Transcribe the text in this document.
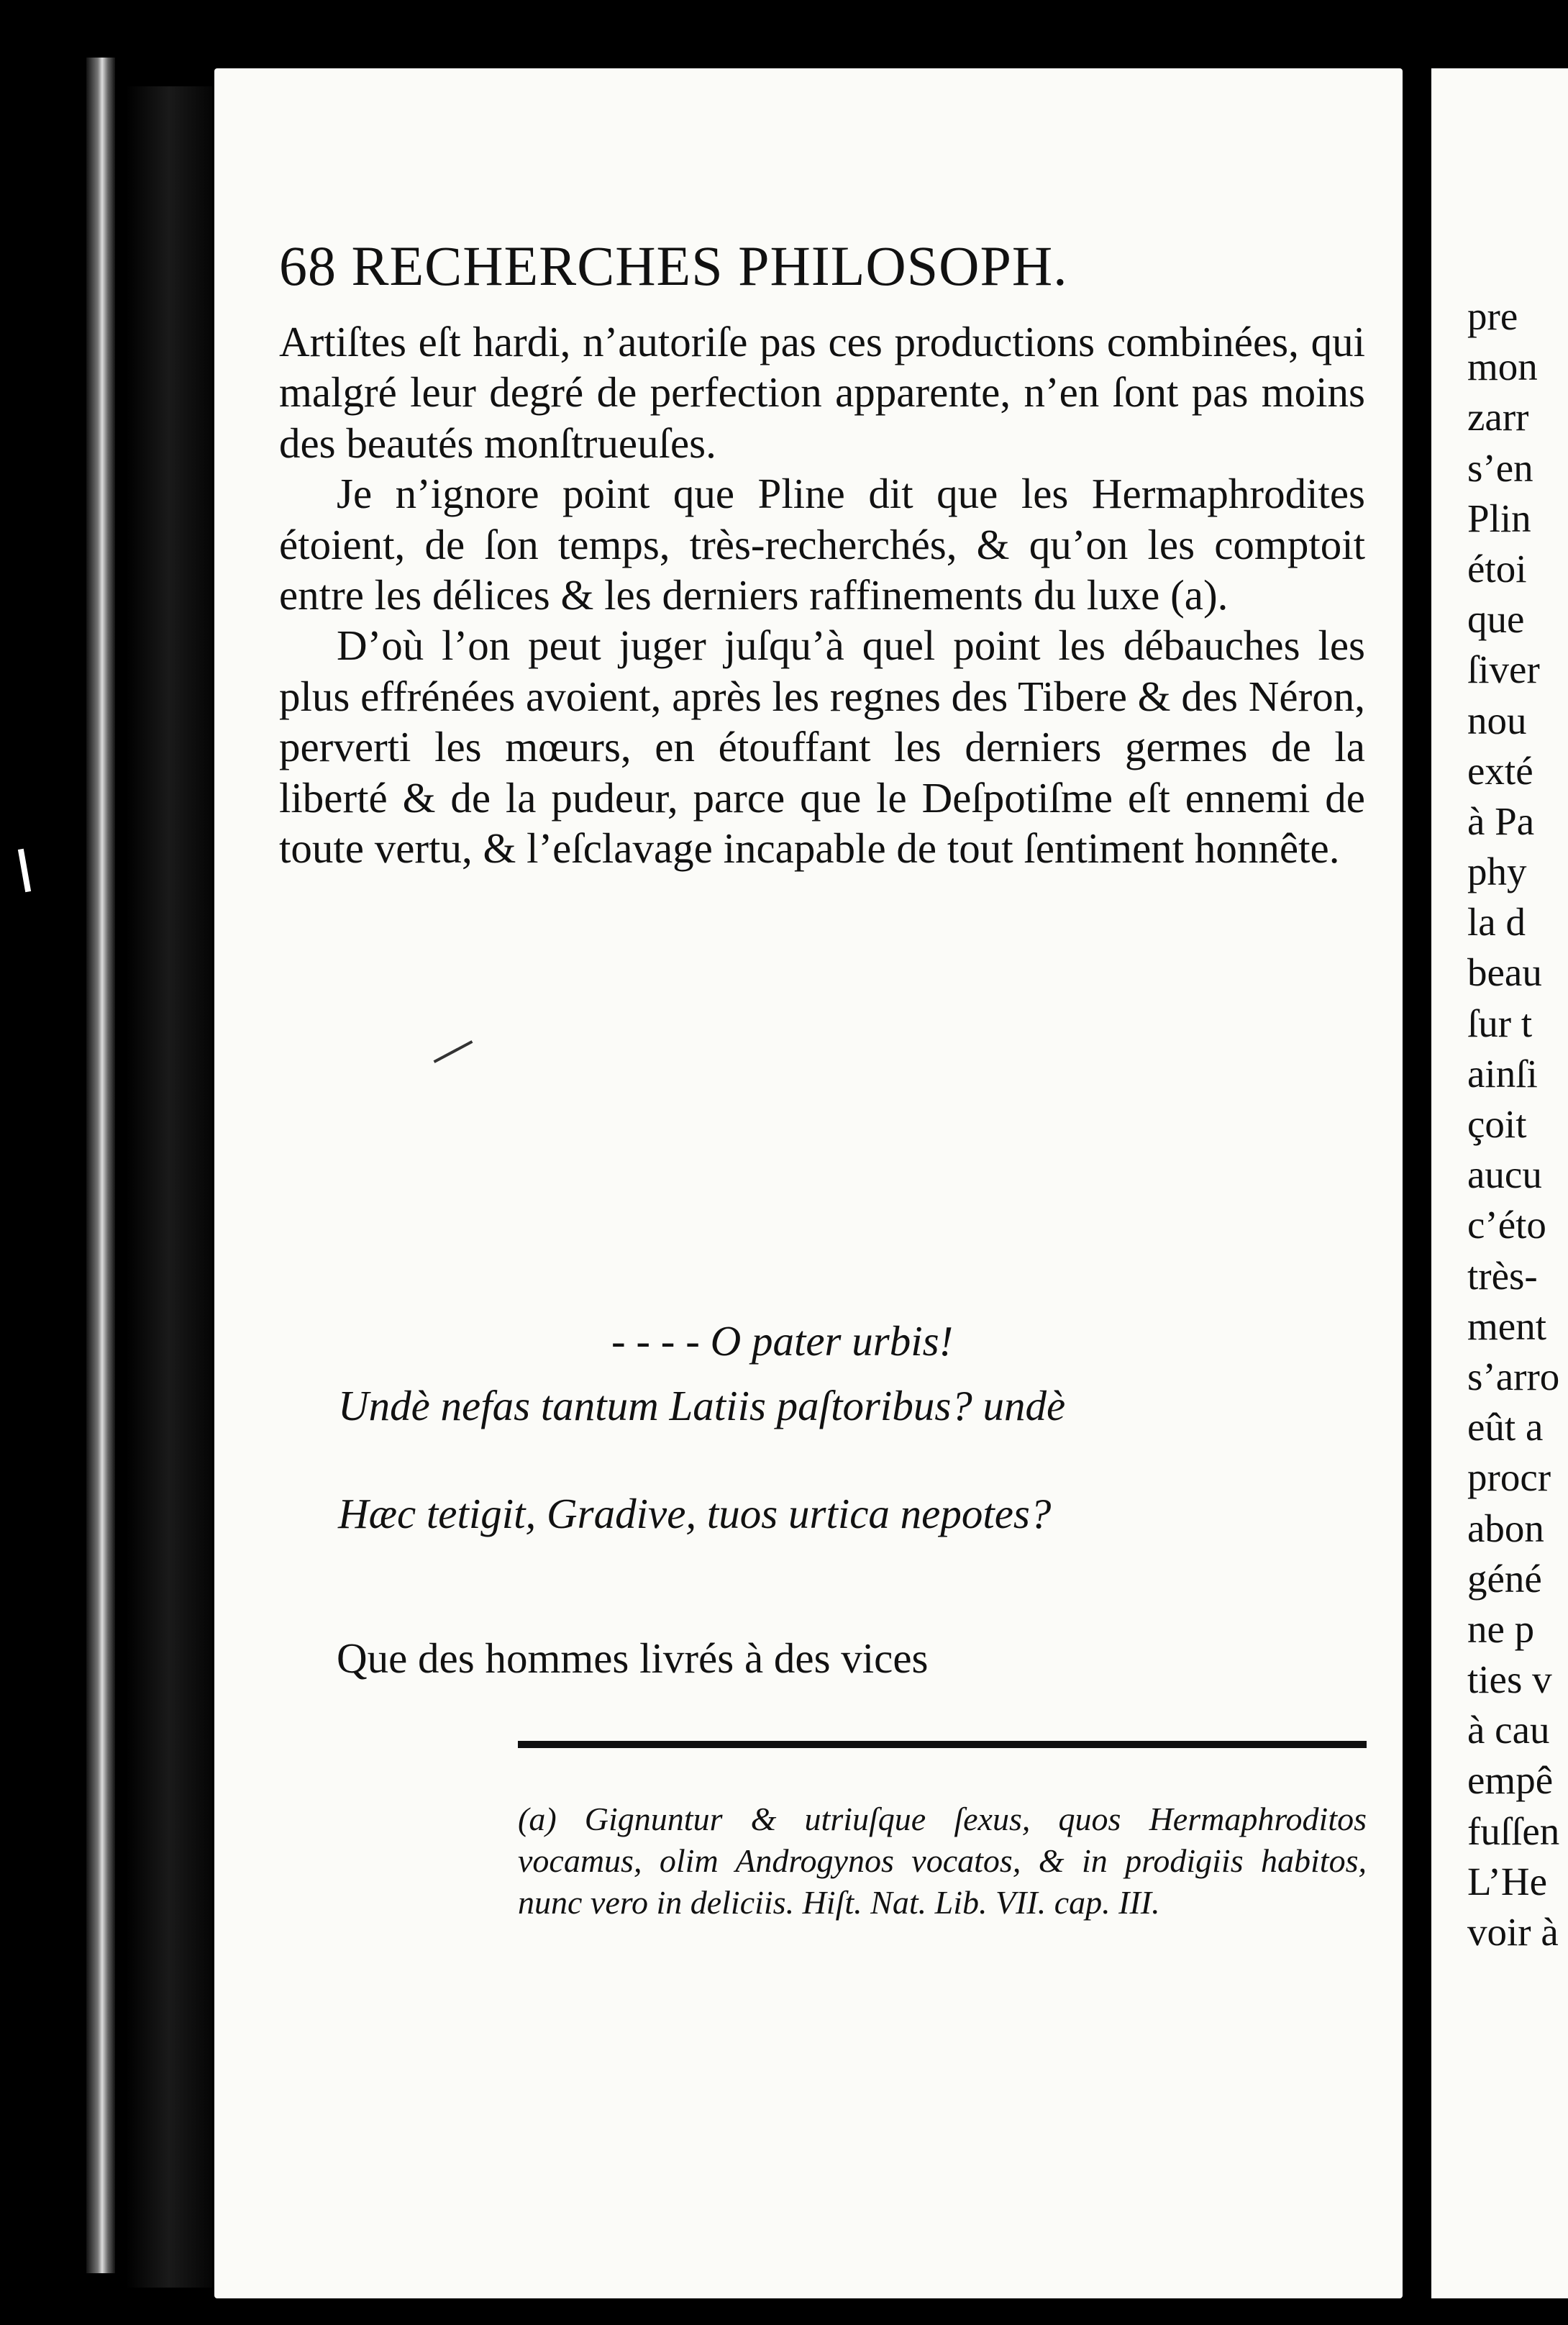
pre
mon
zarr
s’en
Plin
étoi
que
ſiver
nou
exté
à Pa
phy
la d
beau
ſur t
ainſi
çoit
aucu
c’éto
très-
ment
s’arro
eût a
procr
abon
géné
ne p
ties v
à cau
empê
fuſſen
L’He
voir à
68 RECHERCHES PHILOSOPH.

Artiſtes eſt hardi, n’autoriſe pas ces productions combinées, qui malgré leur degré de perfection apparente, n’en ſont pas moins des beautés monſtrueuſes.

Je n’ignore point que Pline dit que les Hermaphrodites étoient, de ſon temps, très-recherchés, & qu’on les comptoit entre les délices & les derniers raffinements du luxe (a).

D’où l’on peut juger juſqu’à quel point les débauches les plus effrénées avoient, après les regnes des Tibere & des Néron, perverti les mœurs, en étouffant les derniers germes de la liberté & de la pudeur, parce que le Deſpotiſme eſt ennemi de toute vertu, & l’eſclavage incapable de tout ſentiment honnête.

- - - - O pater urbis!
Undè nefas tantum Latiis paſtoribus? undè
Hæc tetigit, Gradive, tuos urtica nepotes?
Que des hommes livrés à des vices
(a) Gignuntur & utriuſque ſexus, quos Hermaphroditos vocamus, olim Androgynos vocatos, & in prodigiis habitos, nunc vero in deliciis. Hiſt. Nat. Lib. VII. cap. III.
